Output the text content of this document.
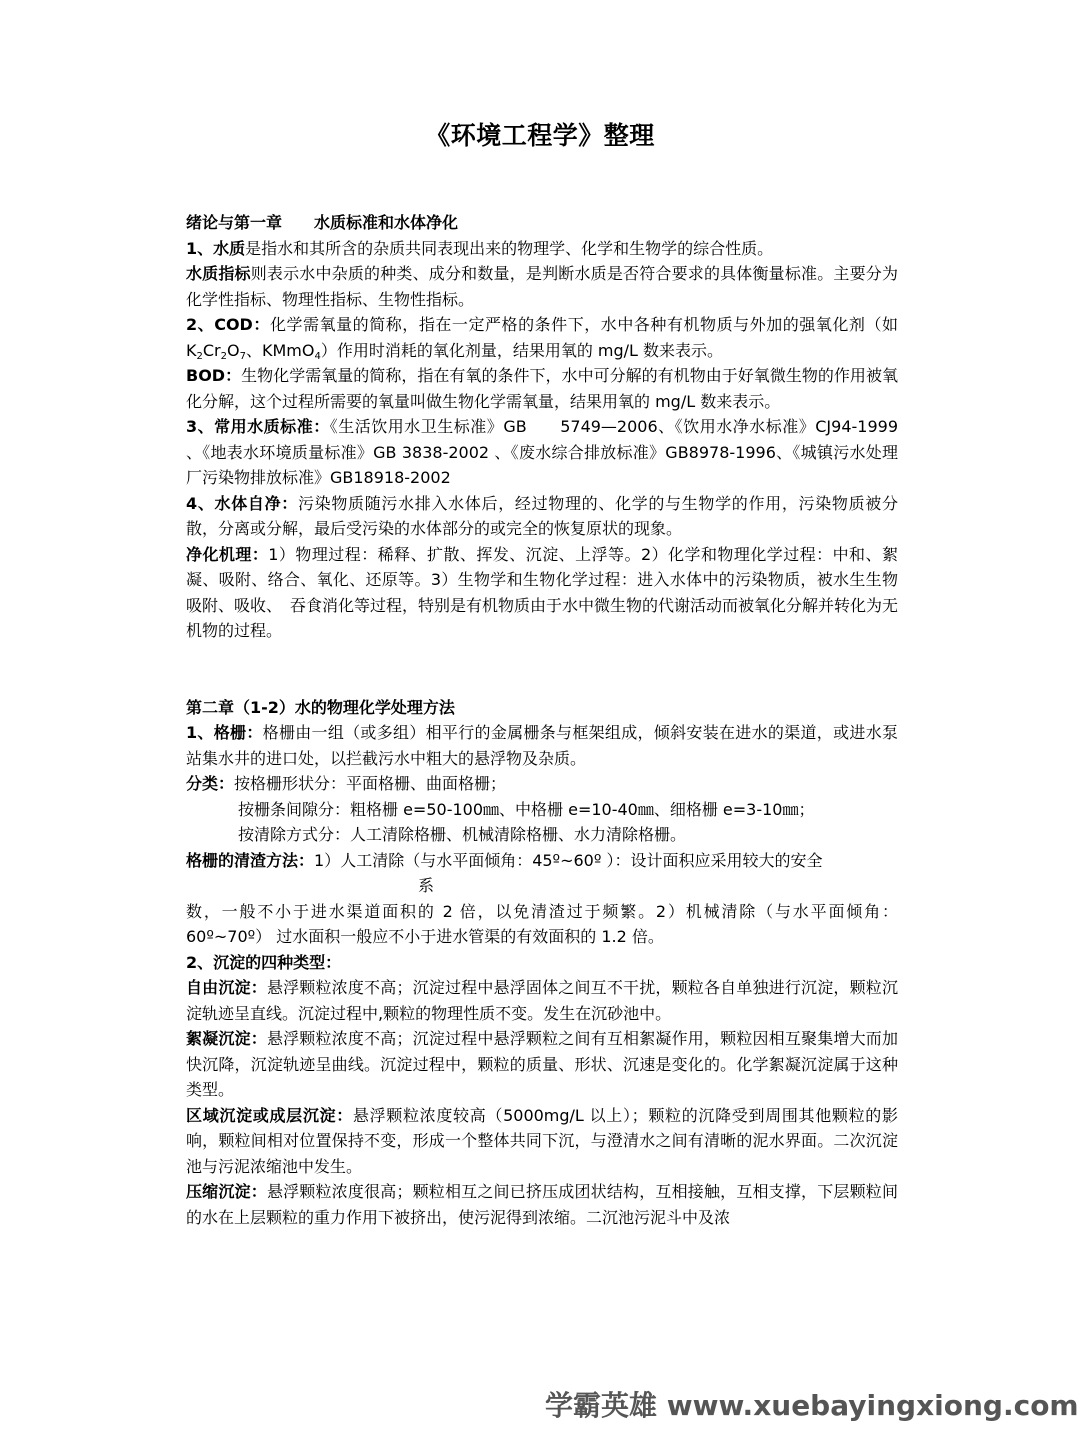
《环境工程学》整理

绪论与第一章　　水质标准和水体净化

1、水质是指水和其所含的杂质共同表现出来的物理学、化学和生物学的综合性质。

水质指标则表示水中杂质的种类、成分和数量，是判断水质是否符合要求的具体衡量标准。主要分为化学性指标、物理性指标、生物性指标。

2、COD：化学需氧量的简称，指在一定严格的条件下，水中各种有机物质与外加的强氧化剂（如 $K_2Cr_2O_7$、KMmO$_4$）作用时消耗的氧化剂量，结果用氧的 mg/L 数来表示。

BOD：生物化学需氧量的简称，指在有氧的条件下，水中可分解的有机物由于好氧微生物的作用被氧化分解，这个过程所需要的氧量叫做生物化学需氧量，结果用氧的 mg/L 数来表示。

3、常用水质标准：《生活饮用水卫生标准》GB　　5749—2006、《饮用水净水标准》CJ94-1999 、《地表水环境质量标准》GB 3838-2002 、《废水综合排放标准》GB8978-1996、《城镇污水处理厂污染物排放标准》GB18918-2002

4、水体自净：污染物质随污水排入水体后，经过物理的、化学的与生物学的作用，污染物质被分散，分离或分解，最后受污染的水体部分的或完全的恢复原状的现象。

净化机理：1）物理过程：稀释、扩散、挥发、沉淀、上浮等。2）化学和物理化学过程：中和、絮凝、吸附、络合、氧化、还原等。3）生物学和生物化学过程：进入水体中的污染物质，被水生生物吸附、吸收、　吞食消化等过程，特别是有机物质由于水中微生物的代谢活动而被氧化分解并转化为无机物的过程。

第二章（1-2）水的物理化学处理方法

1、格栅：格栅由一组（或多组）相平行的金属栅条与框架组成，倾斜安装在进水的渠道，或进水泵站集水井的进口处，以拦截污水中粗大的悬浮物及杂质。

分类：按格栅形状分：平面格栅、曲面格栅；

按栅条间隙分：粗格栅 e=50-100㎜、中格栅 e=10-40㎜、细格栅 e=3-10㎜；

按清除方式分：人工清除格栅、机械清除格栅、水力清除格栅。

格栅的清渣方法：1）人工清除（与水平面倾角：45º~60º ）：设计面积应采用较大的安全

系

数，一般不小于进水渠道面积的 2 倍，以免清渣过于频繁。2）机械清除（与水平面倾角：60º~70º） 过水面积一般应不小于进水管渠的有效面积的 1.2 倍。

2、沉淀的四种类型：

自由沉淀：悬浮颗粒浓度不高；沉淀过程中悬浮固体之间互不干扰，颗粒各自单独进行沉淀，颗粒沉淀轨迹呈直线。沉淀过程中,颗粒的物理性质不变。发生在沉砂池中。

絮凝沉淀：悬浮颗粒浓度不高；沉淀过程中悬浮颗粒之间有互相絮凝作用，颗粒因相互聚集增大而加快沉降，沉淀轨迹呈曲线。沉淀过程中，颗粒的质量、形状、沉速是变化的。化学絮凝沉淀属于这种类型。

区域沉淀或成层沉淀：悬浮颗粒浓度较高（5000mg/L 以上）；颗粒的沉降受到周围其他颗粒的影响，颗粒间相对位置保持不变，形成一个整体共同下沉，与澄清水之间有清晰的泥水界面。二次沉淀池与污泥浓缩池中发生。

压缩沉淀：悬浮颗粒浓度很高；颗粒相互之间已挤压成团状结构，互相接触，互相支撑，下层颗粒间的水在上层颗粒的重力作用下被挤出，使污泥得到浓缩。二沉池污泥斗中及浓

学霸英雄 www.xuebayingxiong.com
